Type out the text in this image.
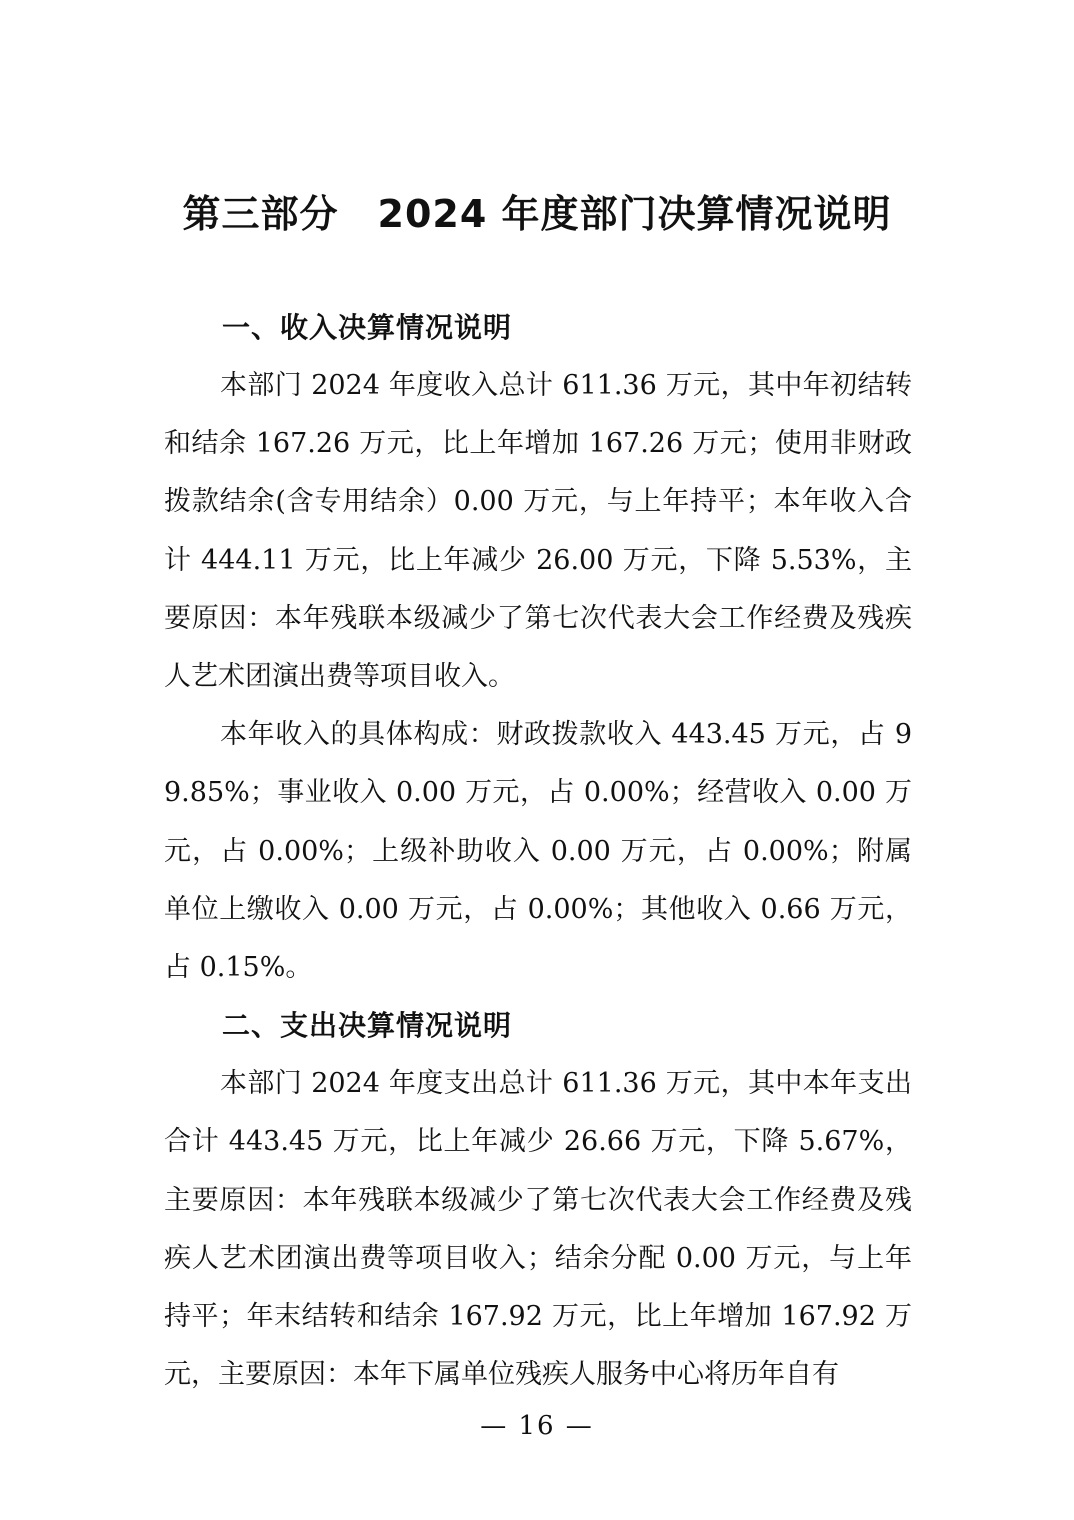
第三部分　2024 年度部门决算情况说明
一、收入决算情况说明

本部门 2024 年度收入总计 611.36 万元，其中年初结转和结余 167.26 万元，比上年增加 167.26 万元；使用非财政拨款结余(含专用结余）0.00 万元，与上年持平；本年收入合计 444.11 万元，比上年减少 26.00 万元，下降 5.53%，主要原因：本年残联本级减少了第七次代表大会工作经费及残疾人艺术团演出费等项目收入。

本年收入的具体构成：财政拨款收入 443.45 万元，占 99.85%；事业收入 0.00 万元，占 0.00%；经营收入 0.00 万元，占 0.00%；上级补助收入 0.00 万元，占 0.00%；附属单位上缴收入 0.00 万元，占 0.00%；其他收入 0.66 万元，占 0.15%。

二、支出决算情况说明

本部门 2024 年度支出总计 611.36 万元，其中本年支出合计 443.45 万元，比上年减少 26.66 万元，下降 5.67%，主要原因：本年残联本级减少了第七次代表大会工作经费及残疾人艺术团演出费等项目收入；结余分配 0.00 万元，与上年持平；年末结转和结余 167.92 万元，比上年增加 167.92 万元，主要原因：本年下属单位残疾人服务中心将历年自有

— 16 —
